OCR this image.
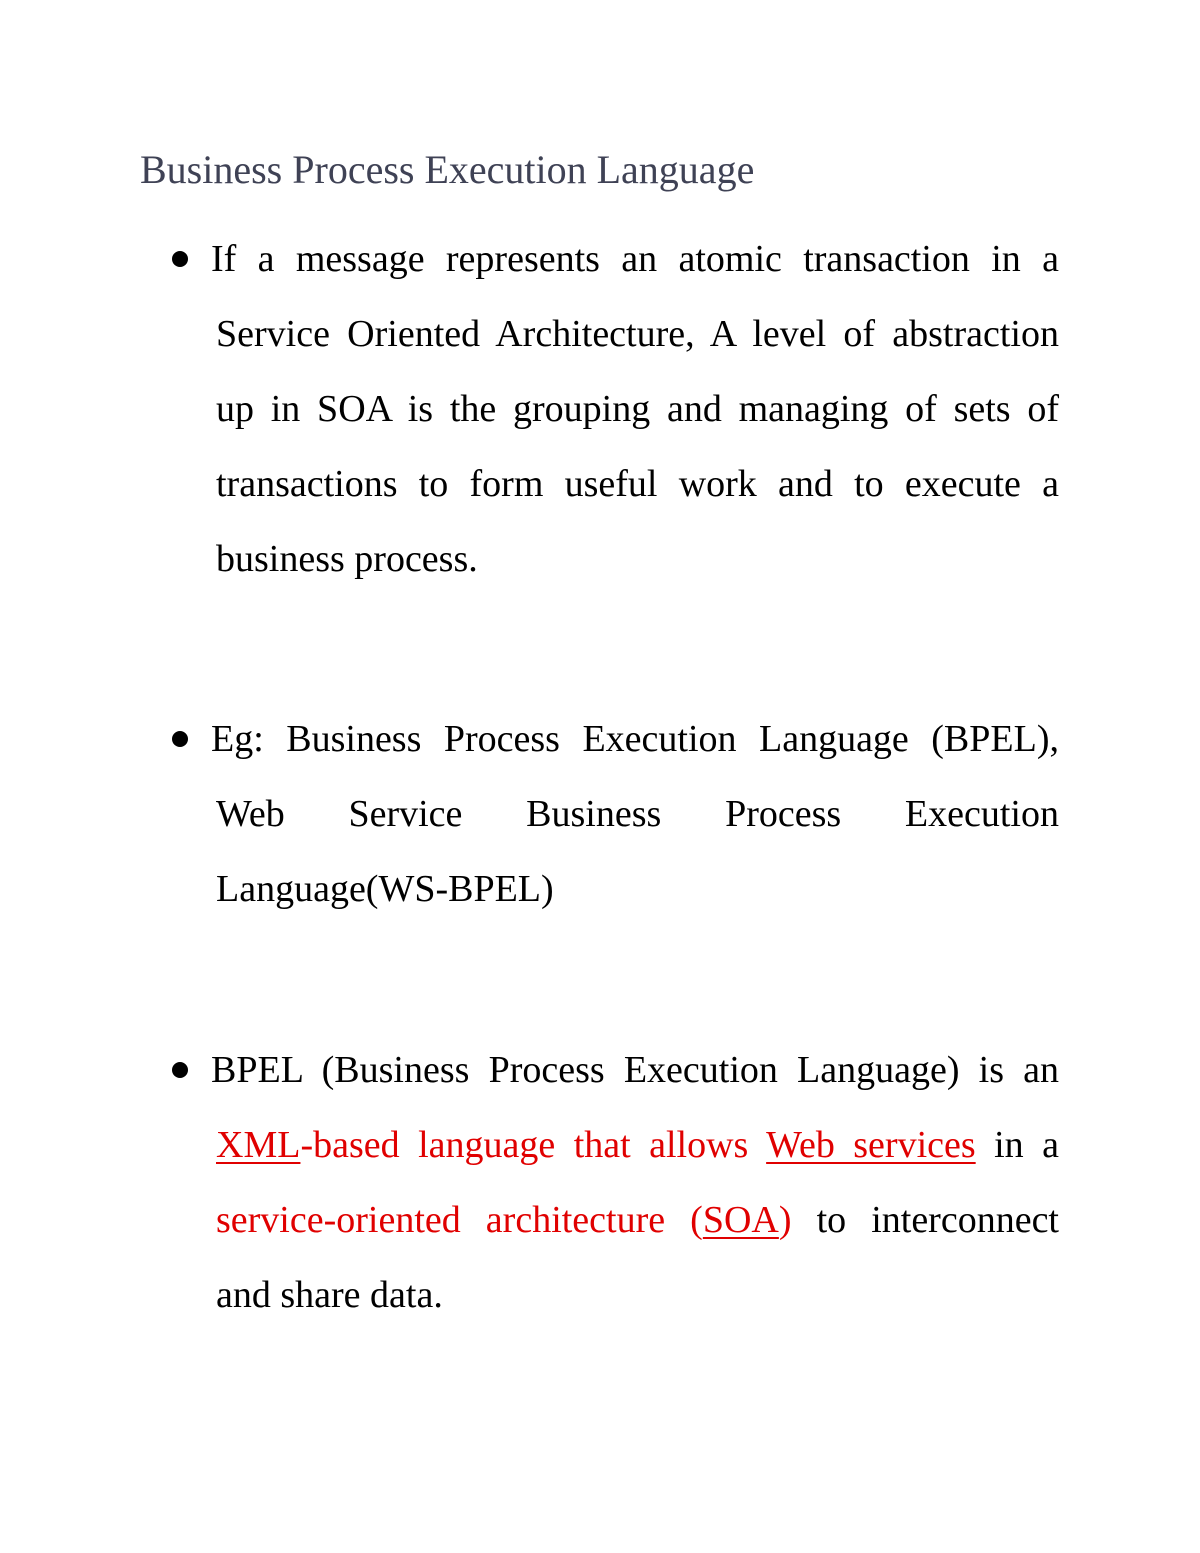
Business Process Execution Language

If a message represents an atomic transaction in a Service Oriented Architecture, A level of abstraction up in SOA is the grouping and managing of sets of transactions to form useful work and to execute a business process.

Eg: Business Process Execution Language (BPEL), Web Service Business Process Execution Language(WS-BPEL)

BPEL (Business Process Execution Language) is an XML-based language that allows Web services in a service-oriented architecture (SOA) to interconnect and share data.
